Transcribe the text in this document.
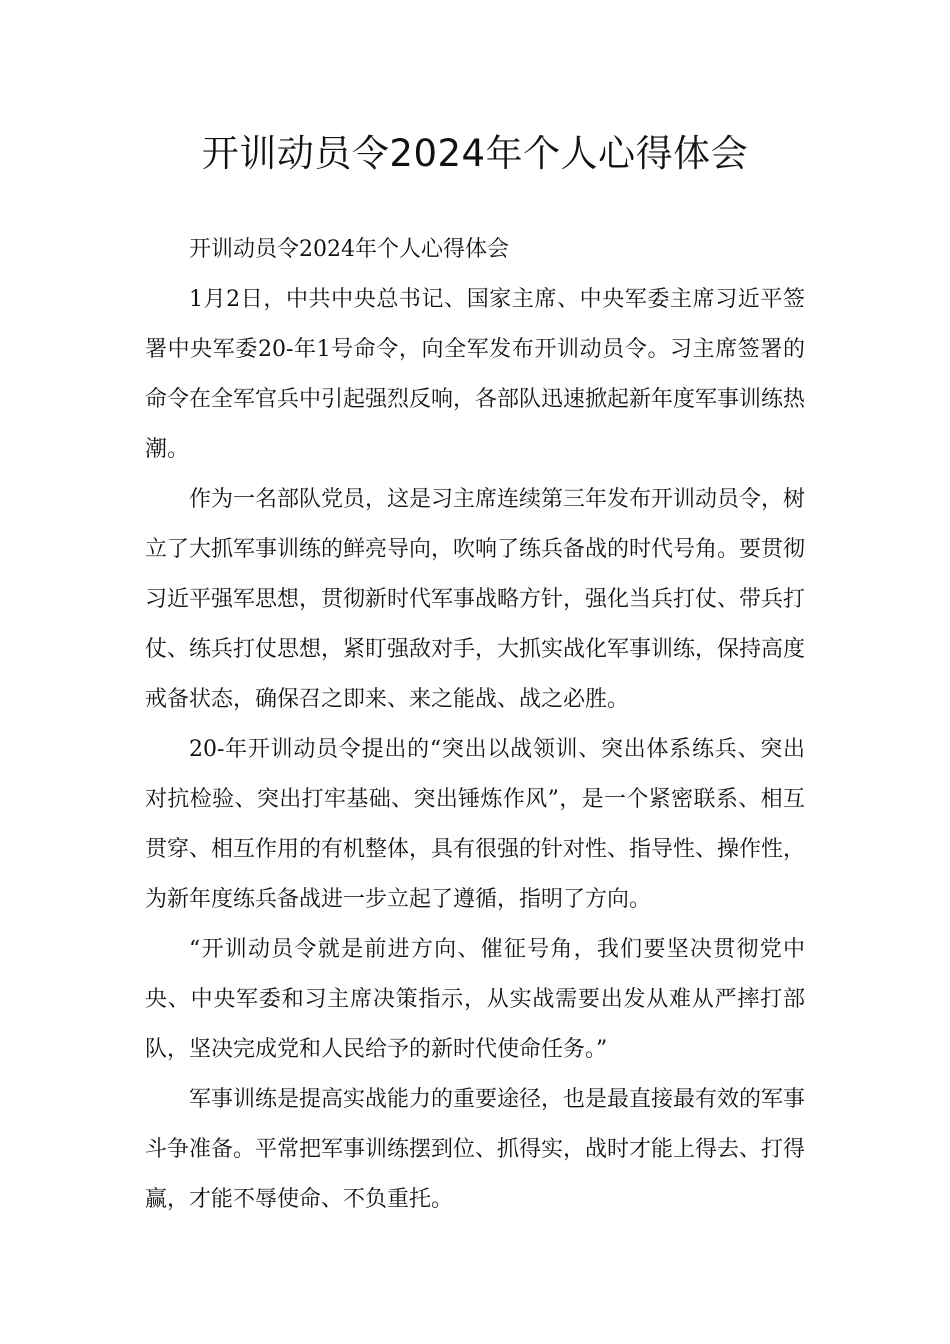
开训动员令2024年个人心得体会

开训动员令2024年个人心得体会

1月2日，中共中央总书记、国家主席、中央军委主席习近平签署中央军委20-年1号命令，向全军发布开训动员令。习主席签署的命令在全军官兵中引起强烈反响，各部队迅速掀起新年度军事训练热潮。

作为一名部队党员，这是习主席连续第三年发布开训动员令，树立了大抓军事训练的鲜亮导向，吹响了练兵备战的时代号角。要贯彻习近平强军思想，贯彻新时代军事战略方针，强化当兵打仗、带兵打仗、练兵打仗思想，紧盯强敌对手，大抓实战化军事训练，保持高度戒备状态，确保召之即来、来之能战、战之必胜。

20-年开训动员令提出的“突出以战领训、突出体系练兵、突出对抗检验、突出打牢基础、突出锤炼作风”，是一个紧密联系、相互贯穿、相互作用的有机整体，具有很强的针对性、指导性、操作性，为新年度练兵备战进一步立起了遵循，指明了方向。

“开训动员令就是前进方向、催征号角，我们要坚决贯彻党中央、中央军委和习主席决策指示，从实战需要出发从难从严摔打部队，坚决完成党和人民给予的新时代使命任务。”

军事训练是提高实战能力的重要途径，也是最直接最有效的军事斗争准备。平常把军事训练摆到位、抓得实，战时才能上得去、打得赢，才能不辱使命、不负重托。
